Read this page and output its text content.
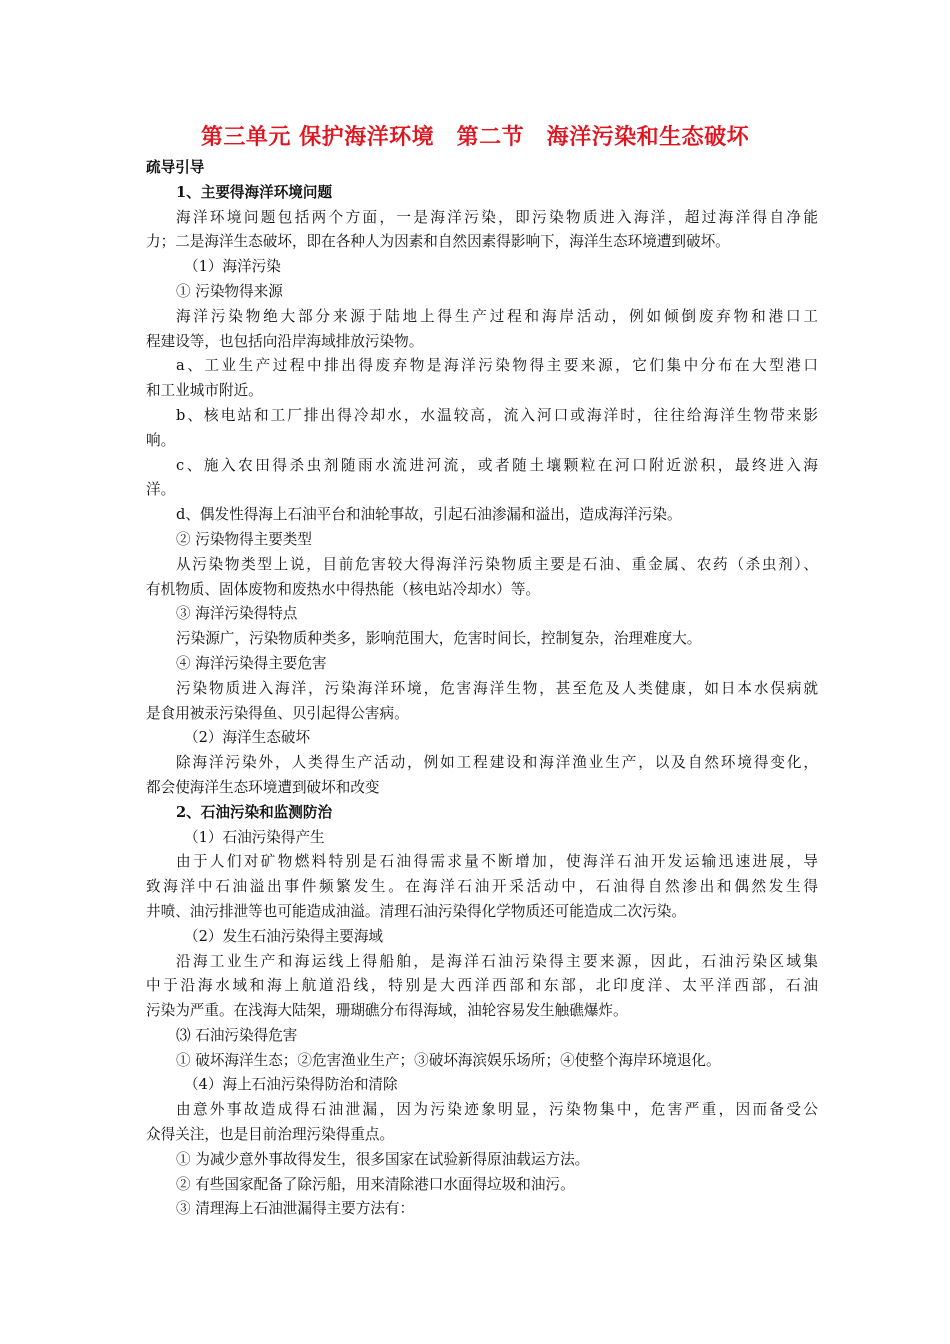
第三单元 保护海洋环境　第二节　海洋污染和生态破坏
疏导引导
1、主要得海洋环境问题
海洋环境问题包括两个方面，一是海洋污染，即污染物质进入海洋，超过海洋得自净能
力；二是海洋生态破坏，即在各种人为因素和自然因素得影响下，海洋生态环境遭到破坏。
（1）海洋污染
① 污染物得来源
海洋污染物绝大部分来源于陆地上得生产过程和海岸活动，例如倾倒废弃物和港口工
程建设等，也包括向沿岸海域排放污染物。
a、工业生产过程中排出得废弃物是海洋污染物得主要来源，它们集中分布在大型港口
和工业城市附近。
b、核电站和工厂排出得冷却水，水温较高，流入河口或海洋时，往往给海洋生物带来影
响。
c、施入农田得杀虫剂随雨水流进河流，或者随土壤颗粒在河口附近淤积，最终进入海
洋。
d、偶发性得海上石油平台和油轮事故，引起石油渗漏和溢出，造成海洋污染。
② 污染物得主要类型
从污染物类型上说，目前危害较大得海洋污染物质主要是石油、重金属、农药（杀虫剂）、
有机物质、固体废物和废热水中得热能（核电站冷却水）等。
③ 海洋污染得特点
污染源广，污染物质种类多，影响范围大，危害时间长，控制复杂，治理难度大。
④ 海洋污染得主要危害
污染物质进入海洋，污染海洋环境，危害海洋生物，甚至危及人类健康，如日本水俣病就
是食用被汞污染得鱼、贝引起得公害病。
（2）海洋生态破坏
除海洋污染外，人类得生产活动，例如工程建设和海洋渔业生产，以及自然环境得变化，
都会使海洋生态环境遭到破坏和改变
2、石油污染和监测防治
（1）石油污染得产生
由于人们对矿物燃料特别是石油得需求量不断增加，使海洋石油开发运输迅速进展，导
致海洋中石油溢出事件频繁发生。在海洋石油开采活动中，石油得自然渗出和偶然发生得
井喷、油污排泄等也可能造成油溢。清理石油污染得化学物质还可能造成二次污染。
（2）发生石油污染得主要海域
沿海工业生产和海运线上得船舶，是海洋石油污染得主要来源，因此，石油污染区域集
中于沿海水域和海上航道沿线，特别是大西洋西部和东部，北印度洋、太平洋西部，石油
污染为严重。在浅海大陆架，珊瑚礁分布得海域，油轮容易发生触礁爆炸。
⑶ 石油污染得危害
① 破坏海洋生态；②危害渔业生产；③破坏海滨娱乐场所；④使整个海岸环境退化。
（4）海上石油污染得防治和清除
由意外事故造成得石油泄漏，因为污染迹象明显，污染物集中，危害严重，因而备受公
众得关注，也是目前治理污染得重点。
① 为减少意外事故得发生，很多国家在试验新得原油载运方法。
② 有些国家配备了除污船，用来清除港口水面得垃圾和油污。
③ 清理海上石油泄漏得主要方法有：
